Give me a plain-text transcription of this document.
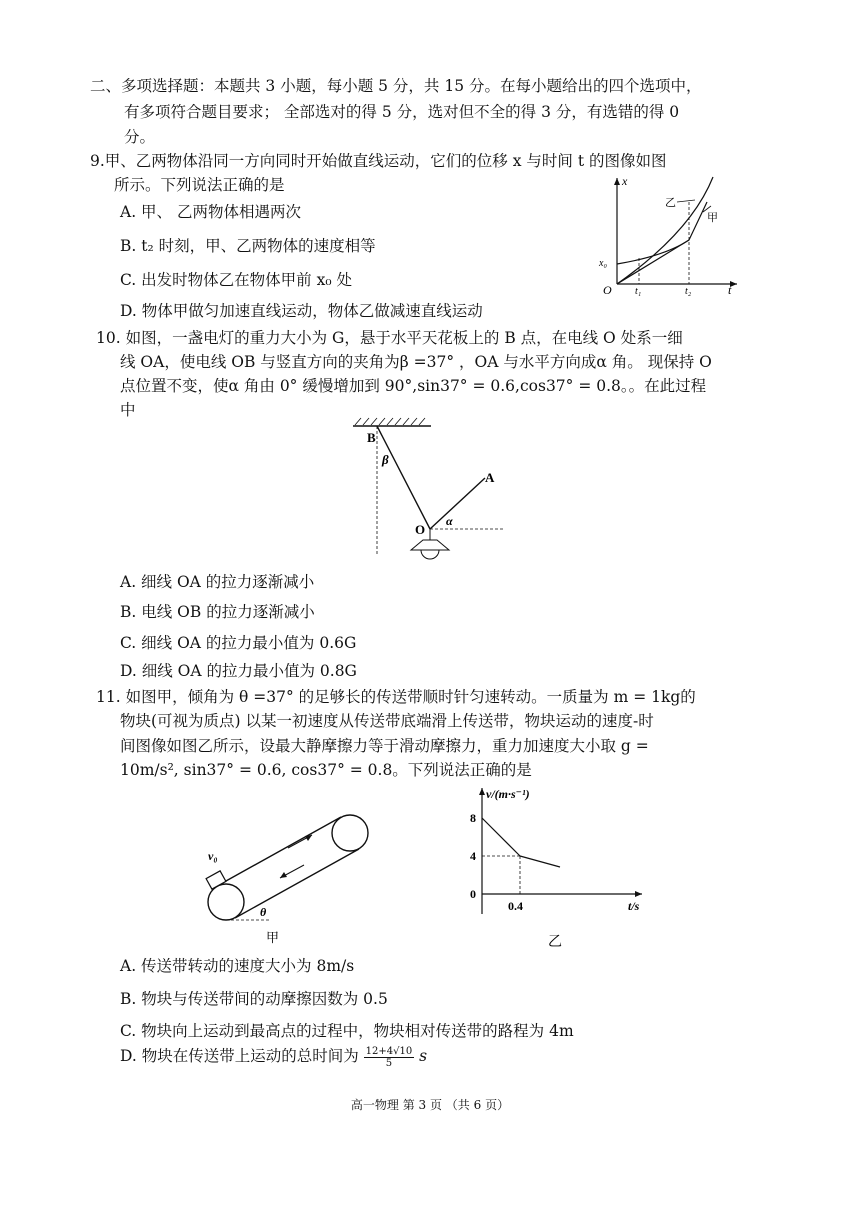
二、多项选择题：本题共 3 小题，每小题 5 分，共 15 分。在每小题给出的四个选项中，
有多项符合题目要求； 全部选对的得 5 分，选对但不全的得 3 分，有选错的得 0
分。
9.甲、乙两物体沿同一方向同时开始做直线运动，它们的位移 x 与时间 t 的图像如图
所示。下列说法正确的是
A. 甲、 乙两物体相遇两次
B. t₂ 时刻，甲、乙两物体的速度相等
C. 出发时物体乙在物体甲前 x₀ 处
D. 物体甲做匀加速直线运动，物体乙做减速直线运动
x
t
O
x₀
t₁	t₂
乙
甲
10. 如图，一盏电灯的重力大小为 G，悬于水平天花板上的 B 点，在电线 O 处系一细
线 OA，使电线 OB 与竖直方向的夹角为β =37° ，OA 与水平方向成α 角。 现保持 O
点位置不变，使α 角由 0° 缓慢增加到 90°,sin37° = 0.6,cos37° = 0.8。。在此过程
中
B
β
A
O
α
A. 细线 OA 的拉力逐渐减小
B. 电线 OB 的拉力逐渐减小
C. 细线 OA 的拉力最小值为 0.6G
D. 细线 OA 的拉力最小值为 0.8G
11. 如图甲，倾角为 θ =37° 的足够长的传送带顺时针匀速转动。一质量为 m = 1kg的
物块(可视为质点) 以某一初速度从传送带底端滑上传送带，物块运动的速度-时
间图像如图乙所示，设最大静摩擦力等于滑动摩擦力，重力加速度大小取 g =
10m/s², sin37° = 0.6, cos37° = 0.8。下列说法正确的是
v₀
θ
甲
v/(m·s⁻¹)
8
4
0
0.4	t/s
乙
A. 传送带转动的速度大小为 8m/s
B. 物块与传送带间的动摩擦因数为 0.5
C. 物块向上运动到最高点的过程中，物块相对传送带的路程为 4m
D. 物块在传送带上运动的总时间为 $\frac{12+4√10}{5}$ s
高一物理 第 3 页 （共 6 页）
